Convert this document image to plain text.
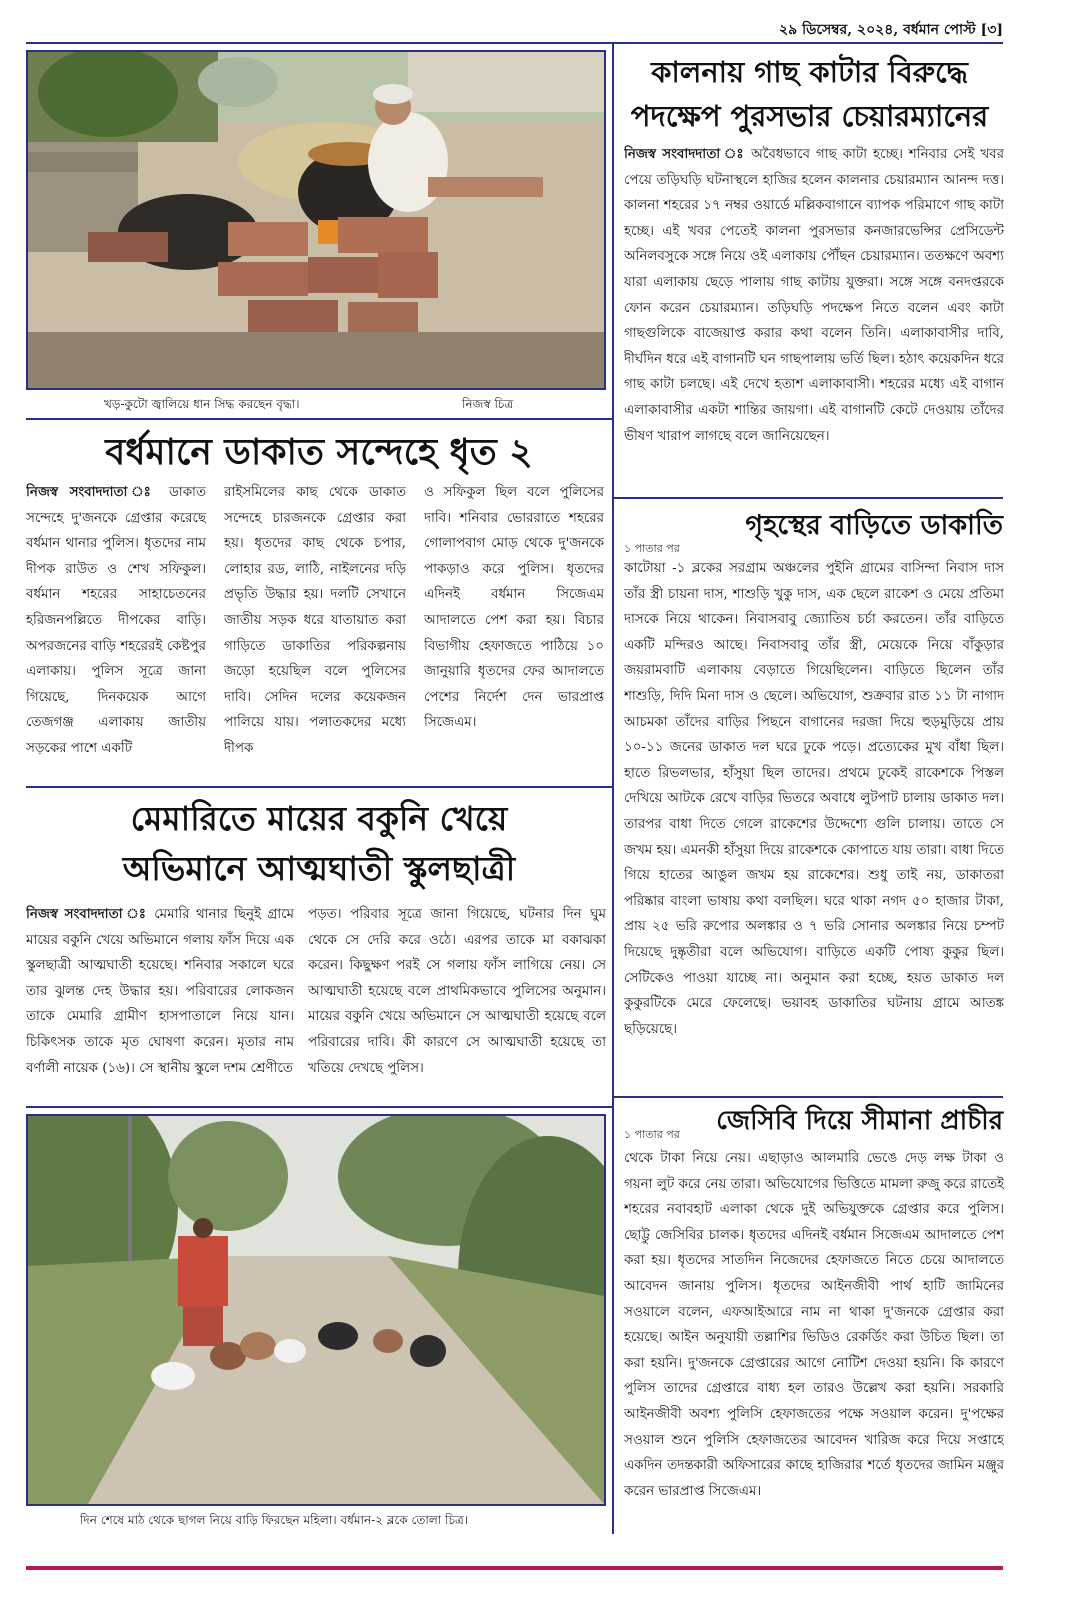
২৯ ডিসেম্বর, ২০২৪, বর্ধমান পোস্ট [৩]
খড়-কুটো জ্বালিয়ে ধান সিদ্ধ করছেন বৃদ্ধা।	নিজস্ব চিত্র
কালনায় গাছ কাটার বিরুদ্ধে
পদক্ষেপ পুরসভার চেয়ারম্যানের
নিজস্ব সংবাদদাতা ঃ অবৈধভাবে গাছ কাটা হচ্ছে। শনিবার সেই খবর পেয়ে তড়িঘড়ি ঘটনাস্থলে হাজির হলেন কালনার চেয়ারম্যান আনন্দ দত্ত। কালনা শহরের ১৭ নম্বর ওয়ার্ডে মল্লিকবাগানে ব্যাপক পরিমাণে গাছ কাটা হচ্ছে। এই খবর পেতেই কালনা পুরসভার কনজারভেন্সির প্রেসিডেন্ট অনিলবসুকে সঙ্গে নিয়ে ওই এলাকায় পৌঁছন চেয়ারম্যান। ততক্ষণে অবশ্য যারা এলাকায় ছেড়ে পালায় গাছ কাটায় যুক্তরা। সঙ্গে সঙ্গে বনদপ্তরকে ফোন করেন চেয়ারম্যান। তড়িঘড়ি পদক্ষেপ নিতে বলেন এবং কাটা গাছগুলিকে বাজেয়াপ্ত করার কথা বলেন তিনি। এলাকাবাসীর দাবি, দীর্ঘদিন ধরে এই বাগানটি ঘন গাছপালায় ভর্তি ছিল। হঠাৎ কয়েকদিন ধরে গাছ কাটা চলছে। এই দেখে হতাশ এলাকাবাসী। শহরের মধ্যে এই বাগান এলাকাবাসীর একটা শান্তির জায়গা। এই বাগানটি কেটে দেওয়ায় তাঁদের ভীষণ খারাপ লাগছে বলে জানিয়েছেন।
বর্ধমানে ডাকাত সন্দেহে ধৃত ২
নিজস্ব সংবাদদাতা ঃ ডাকাত সন্দেহে দু'জনকে গ্রেপ্তার করেছে বর্ধমান থানার পুলিস। ধৃতদের নাম দীপক রাউত ও শেখ সফিকুল। বর্ধমান শহরের সাহাচেতনের হরিজনপল্লিতে দীপকের বাড়ি। অপরজনের বাড়ি শহরেরই কেষ্টপুর এলাকায়। পুলিস সূত্রে জানা গিয়েছে, দিনকয়েক আগে তেজগঞ্জ এলাকায় জাতীয় সড়কের পাশে একটি
রাইসমিলের কাছ থেকে ডাকাত সন্দেহে চারজনকে গ্রেপ্তার করা হয়। ধৃতদের কাছ থেকে চপার, লোহার রড, লাঠি, নাইলনের দড়ি প্রভৃতি উদ্ধার হয়। দলটি সেখানে জাতীয় সড়ক ধরে যাতায়াত করা গাড়িতে ডাকাতির পরিকল্পনায় জড়ো হয়েছিল বলে পুলিসের দাবি। সেদিন দলের কয়েকজন পালিয়ে যায়। পলাতকদের মধ্যে দীপক
ও সফিকুল ছিল বলে পুলিসের দাবি। শনিবার ভোররাতে শহরের গোলাপবাগ মোড় থেকে দু'জনকে পাকড়াও করে পুলিস। ধৃতদের এদিনই বর্ধমান সিজেএম আদালতে পেশ করা হয়। বিচার বিভাগীয় হেফাজতে পাঠিয়ে ১০ জানুয়ারি ধৃতদের ফের আদালতে পেশের নির্দেশ দেন ভারপ্রাপ্ত সিজেএম।
মেমারিতে মায়ের বকুনি খেয়ে
অভিমানে আত্মঘাতী স্কুলছাত্রী
নিজস্ব সংবাদদাতা ঃ মেমারি থানার ছিনুই গ্রামে মায়ের বকুনি খেয়ে অভিমানে গলায় ফাঁস দিয়ে এক স্কুলছাত্রী আত্মঘাতী হয়েছে। শনিবার সকালে ঘরে তার ঝুলন্ত দেহ উদ্ধার হয়। পরিবারের লোকজন তাকে মেমারি গ্রামীণ হাসপাতালে নিয়ে যান। চিকিৎসক তাকে মৃত ঘোষণা করেন। মৃতার নাম বর্ণালী নায়েক (১৬)। সে স্থানীয় স্কুলে দশম শ্রেণীতে
পড়ত। পরিবার সূত্রে জানা গিয়েছে, ঘটনার দিন ঘুম থেকে সে দেরি করে ওঠে। এরপর তাকে মা বকাঝকা করেন। কিছুক্ষণ পরই সে গলায় ফাঁস লাগিয়ে নেয়। সে আত্মঘাতী হয়েছে বলে প্রাথমিকভাবে পুলিসের অনুমান। মায়ের বকুনি খেয়ে অভিমানে সে আত্মঘাতী হয়েছে বলে পরিবারের দাবি। কী কারণে সে আত্মঘাতী হয়েছে তা খতিয়ে দেখছে পুলিস।
১ পাতার পর
গৃহস্থের বাড়িতে ডাকাতি
কাটোয়া -১ ব্লকের সরগ্রাম অঞ্চলের পুইনি গ্রামের বাসিন্দা নিবাস দাস তাঁর স্ত্রী চায়না দাস, শাশুড়ি খুকু দাস, এক ছেলে রাকেশ ও মেয়ে প্রতিমা দাসকে নিয়ে থাকেন। নিবাসবাবু জ্যোতিষ চর্চা করতেন। তাঁর বাড়িতে একটি মন্দিরও আছে। নিবাসবাবু তাঁর স্ত্রী, মেয়েকে নিয়ে বাঁকুড়ার জয়রামবাটি এলাকায় বেড়াতে গিয়েছিলেন। বাড়িতে ছিলেন তাঁর শাশুড়ি, দিদি মিনা দাস ও ছেলে। অভিযোগ, শুক্রবার রাত ১১ টা নাগাদ আচমকা তাঁদের বাড়ির পিছনে বাগানের দরজা দিয়ে হুড়মুড়িয়ে প্রায় ১০-১১ জনের ডাকাত দল ঘরে ঢুকে পড়ে। প্রত্যেকের মুখ বাঁধা ছিল। হাতে রিভলভার, হাঁসুয়া ছিল তাদের। প্রথমে ঢুকেই রাকেশকে পিস্তল দেখিয়ে আটকে রেখে বাড়ির ভিতরে অবাধে লুটপাট চালায় ডাকাত দল। তারপর বাধা দিতে গেলে রাকেশের উদ্দেশ্যে গুলি চালায়। তাতে সে জখম হয়। এমনকী হাঁসুয়া দিয়ে রাকেশকে কোপাতে যায় তারা। বাধা দিতে গিয়ে হাতের আঙুল জখম হয় রাকেশের। শুধু তাই নয়, ডাকাতরা পরিষ্কার বাংলা ভাষায় কথা বলছিল। ঘরে থাকা নগদ ৫০ হাজার টাকা, প্রায় ২৫ ভরি রুপোর অলঙ্কার ও ৭ ভরি সোনার অলঙ্কার নিয়ে চম্পট দিয়েছে দুষ্কৃতীরা বলে অভিযোগ। বাড়িতে একটি পোষ্য কুকুর ছিল। সেটিকেও পাওয়া যাচ্ছে না। অনুমান করা হচ্ছে, হয়ত ডাকাত দল কুকুরটিকে মেরে ফেলেছে। ভয়াবহ ডাকাতির ঘটনায় গ্রামে আতঙ্ক ছড়িয়েছে।
১ পাতার পর	জেসিবি দিয়ে সীমানা প্রাচীর
থেকে টাকা নিয়ে নেয়। এছাড়াও আলমারি ভেঙে দেড় লক্ষ টাকা ও গয়না লুট করে নেয় তারা। অভিযোগের ভিত্তিতে মামলা রুজু করে রাতেই শহরের নবাবহাট এলাকা থেকে দুই অভিযুক্তকে গ্রেপ্তার করে পুলিস। ছোট্টু জেসিবির চালক। ধৃতদের এদিনই বর্ধমান সিজেএম আদালতে পেশ করা হয়। ধৃতদের সাতদিন নিজেদের হেফাজতে নিতে চেয়ে আদালতে আবেদন জানায় পুলিস। ধৃতদের আইনজীবী পার্থ হাটি জামিনের সওয়ালে বলেন, এফআইআরে নাম না থাকা দু'জনকে গ্রেপ্তার করা হয়েছে। আইন অনুযায়ী তল্লাশির ভিডিও রেকর্ডিং করা উচিত ছিল। তা করা হয়নি। দু'জনকে গ্রেপ্তারের আগে নোটিশ দেওয়া হয়নি। কি কারণে পুলিস তাদের গ্রেপ্তারে বাধ্য হল তারও উল্লেখ করা হয়নি। সরকারি আইনজীবী অবশ্য পুলিসি হেফাজতের পক্ষে সওয়াল করেন। দু'পক্ষের সওয়াল শুনে পুলিসি হেফাজতের আবেদন খারিজ করে দিয়ে সপ্তাহে একদিন তদন্তকারী অফিসারের কাছে হাজিরার শর্তে ধৃতদের জামিন মঞ্জুর করেন ভারপ্রাপ্ত সিজেএম।
দিন শেষে মাঠ থেকে ছাগল নিয়ে বাড়ি ফিরছেন মহিলা। বর্ধমান-২ ব্লকে তোলা চিত্র।
